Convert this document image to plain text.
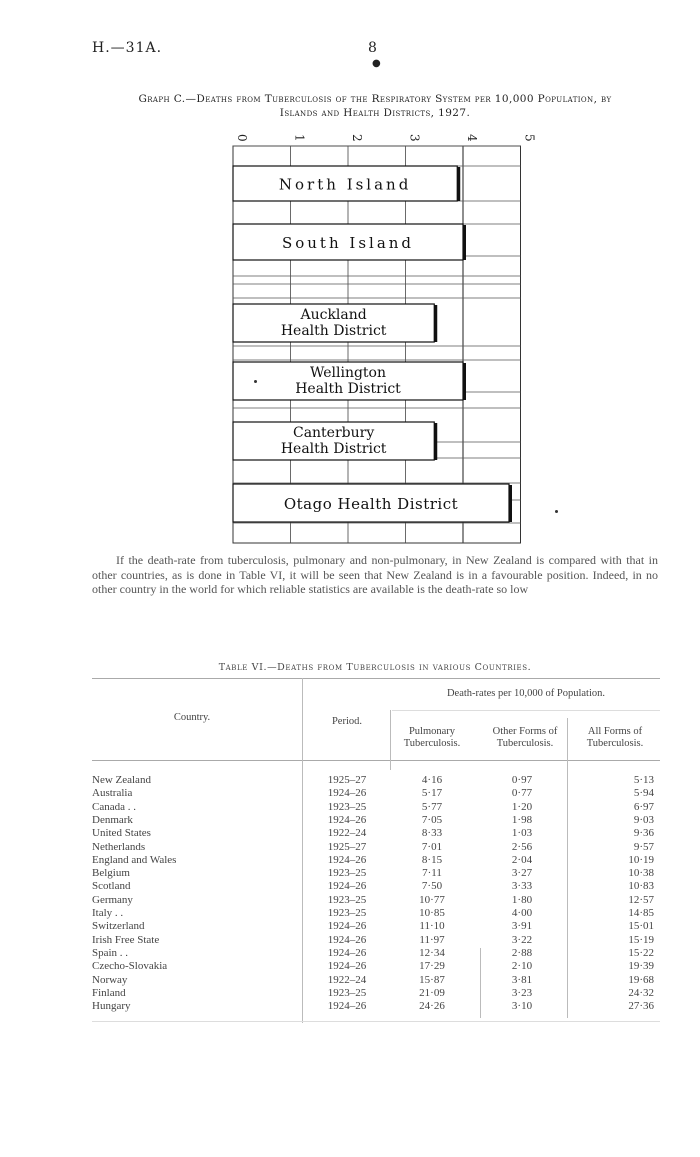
H.—31A.	8
●
Graph C.—Deaths from Tuberculosis of the Respiratory System per 10,000 Population, by
Islands and Health Districts, 1927.
0	1	2	3	4	5
North Island
South Island
Auckland
Health District
Wellington
Health District
Canterbury
Health District
Otago Health District
If the death-rate from tuberculosis, pulmonary and non-pulmonary, in New Zealand is compared with that in other countries, as is done in Table VI, it will be seen that New Zealand is in a favourable position. Indeed, in no other country in the world for which reliable statistics are available is the death-rate so low
Table VI.—Deaths from Tuberculosis in various Countries.
Death-rates per 10,000 of Population.
Country.	Period.
Pulmonary
Tuberculosis.
Other Forms of
Tuberculosis.
All Forms of
Tuberculosis.
New Zealand	1925–27	4·16	0·97	5·13
Australia	1924–26	5·17	0·77	5·94
Canada . .	1923–25	5·77	1·20	6·97
Denmark	1924–26	7·05	1·98	9·03
United States	1922–24	8·33	1·03	9·36
Netherlands	1925–27	7·01	2·56	9·57
England and Wales	1924–26	8·15	2·04	10·19
Belgium	1923–25	7·11	3·27	10·38
Scotland	1924–26	7·50	3·33	10·83
Germany	1923–25	10·77	1·80	12·57
Italy . .	1923–25	10·85	4·00	14·85
Switzerland	1924–26	11·10	3·91	15·01
Irish Free State	1924–26	11·97	3·22	15·19
Spain . .	1924–26	12·34	2·88	15·22
Czecho-Slovakia	1924–26	17·29	2·10	19·39
Norway	1922–24	15·87	3·81	19·68
Finland	1923–25	21·09	3·23	24·32
Hungary	1924–26	24·26	3·10	27·36
